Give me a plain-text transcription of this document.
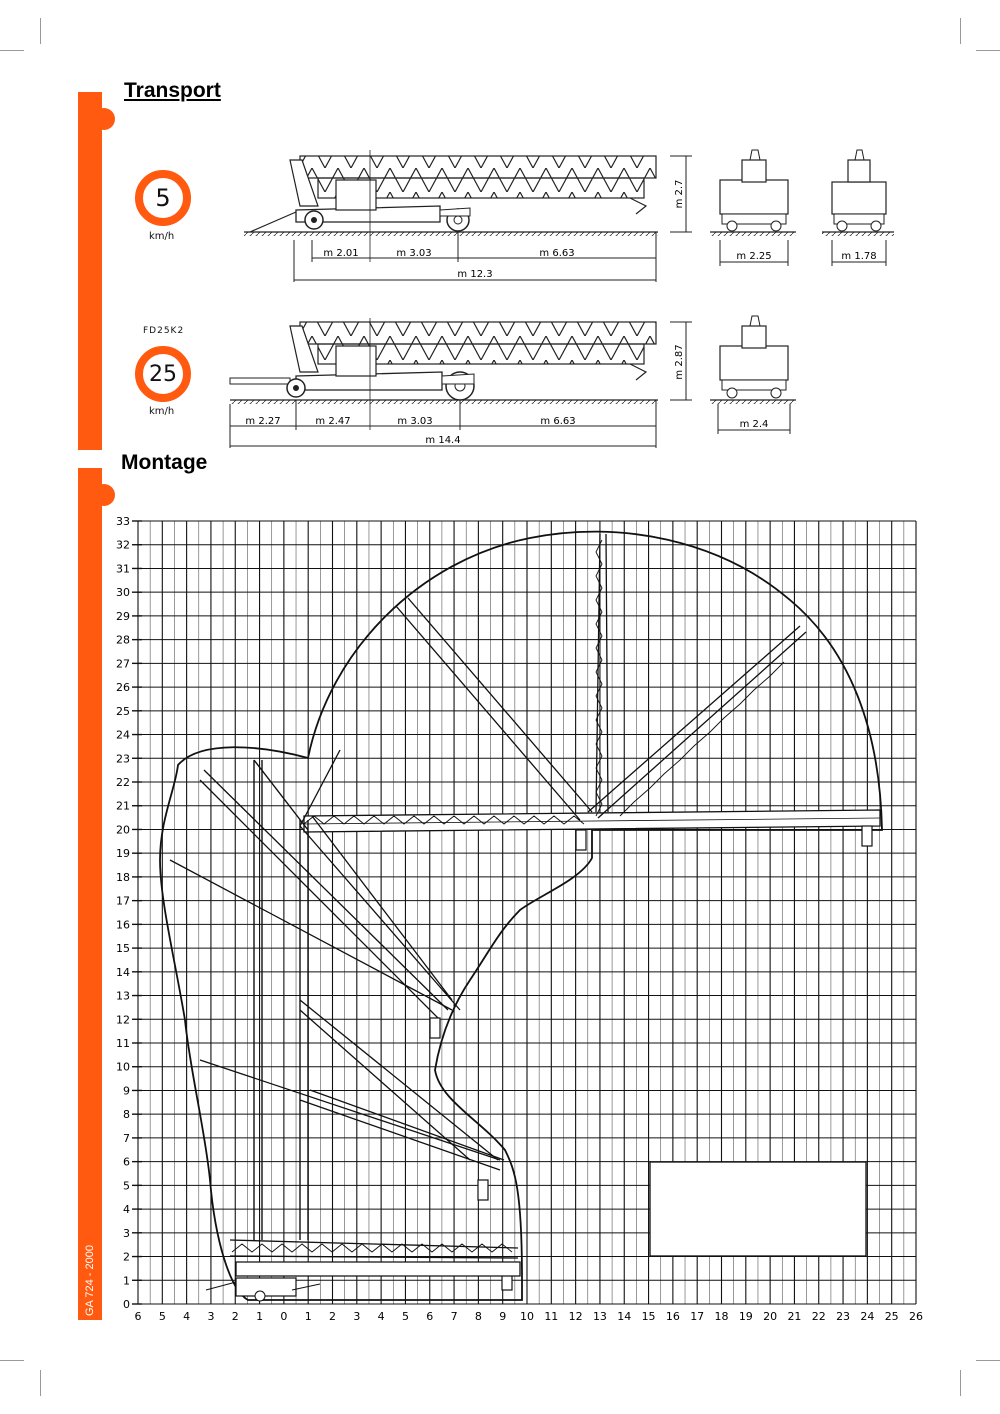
GA 724 - 2000
Transport
Montage
5
km/h
FD25K2
25
km/h
m 2.7
m 2.01	m 3.03	m 6.63
m 12.3
m 2.25	m 1.78
m 2.87
m 2.27	m 2.47	m 3.03	m 6.63
m 14.4
m 2.4
6 5 4 3 2 1 0 1 2 3 4 5 6 7 8 9 10 11 12 13 14 15 16 17 18 19 20 21 22 23 24 25 26
0
1
2
3
4
5
6
7
8
9
10
11
12
13
14
15
16
17
18
19
20
21
22
23
24
25
26
27
28
29
30
31
32
33
